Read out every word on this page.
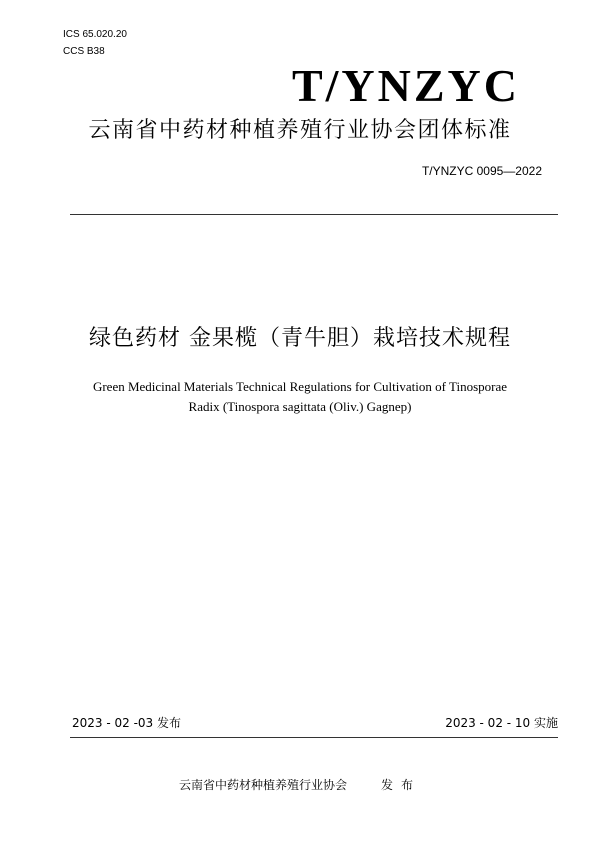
ICS 65.020.20
CCS B38
T/YNZYC
云南省中药材种植养殖行业协会团体标准
T/YNZYC 0095—2022
绿色药材 金果榄（青牛胆）栽培技术规程
Green Medicinal Materials Technical Regulations for Cultivation of Tinosporae
Radix (Tinospora sagittata (Oliv.) Gagnep)
2023 - 02 -03 发布	2023 - 02 - 10 实施
云南省中药材种植养殖行业协会	发布
